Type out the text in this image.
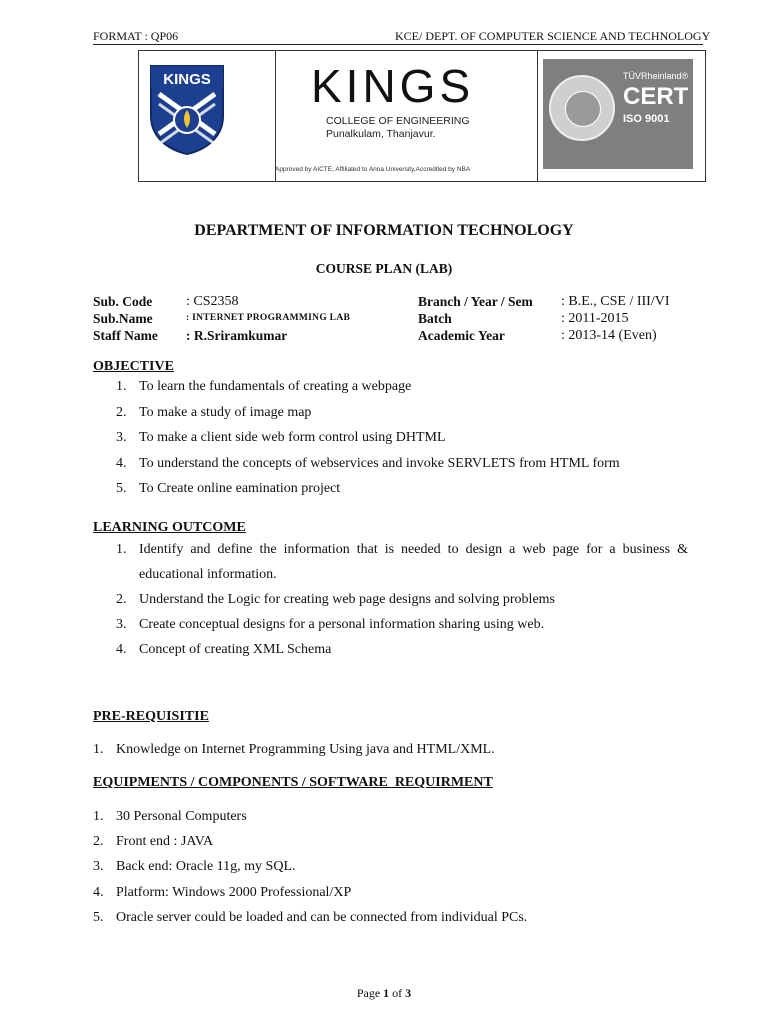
FORMAT : QP06	KCE/ DEPT. OF COMPUTER SCIENCE AND TECHNOLOGY
KINGS KINGS
COLLEGE OF ENGINEERING
Punalkulam, Thanjavur.
Approved by AICTE, Affiliated to Anna University,Accredited by NBA
TÜVRheinland®
CERT
ISO 9001
DEPARTMENT OF INFORMATION TECHNOLOGY
COURSE PLAN (LAB)
Sub. Code : CS2358
Sub.Name	: INTERNET PROGRAMMING LAB
Staff Name : R.Sriramkumar
Branch / Year / Sem : B.E., CSE / III/VI
Batch	: 2011-2015
Academic Year	: 2013-14 (Even)
OBJECTIVE
1. To learn the fundamentals of creating a webpage
2. To make a study of image map
3. To make a client side web form control using DHTML
4. To understand the concepts of webservices and invoke SERVLETS from HTML form
5. To Create online eamination project
LEARNING OUTCOME
1. Identify  and  define  the  information  that  is  needed  to  design  a  web  page  for  a  business  &
educational information.
2. Understand the Logic for creating web page designs and solving problems
3. Create conceptual designs for a personal information sharing using web.
4. Concept of creating XML Schema
PRE-REQUISITIE
1. Knowledge on Internet Programming Using java and HTML/XML.
EQUIPMENTS / COMPONENTS / SOFTWARE  REQUIRMENT
1. 30 Personal Computers
2. Front end : JAVA
3. Back end: Oracle 11g, my SQL.
4. Platform: Windows 2000 Professional/XP
5. Oracle server could be loaded and can be connected from individual PCs.
Page 1 of 3
